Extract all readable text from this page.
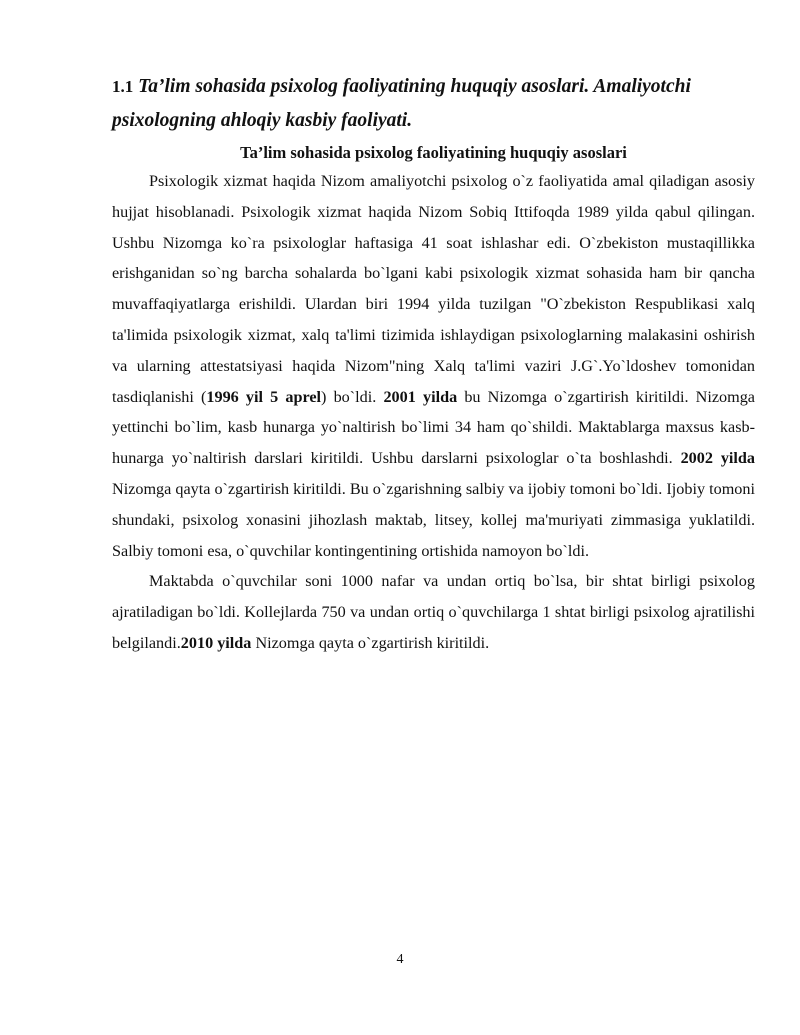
1.1 Ta’lim sohasida psixolog faoliyatining huquqiy asoslari. Amaliyotchi psixologning ahloqiy kasbiy faoliyati.
Ta’lim sohasida psixolog faoliyatining huquqiy asoslari

Psixologik xizmat haqida Nizom amaliyotchi psixolog o`z faoliyatida amal qiladigan asosiy hujjat hisoblanadi. Psixologik xizmat haqida Nizom Sobiq Ittifoqda 1989 yilda qabul qilingan. Ushbu Nizomga ko`ra psixologlar haftasiga 41 soat ishlashar edi. O`zbekiston mustaqillikka erishganidan so`ng barcha sohalarda bo`lgani kabi psixologik xizmat sohasida ham bir qancha muvaffaqiyatlarga erishildi. Ulardan biri 1994 yilda tuzilgan "O`zbekiston Respublikasi xalq ta'limida psixologik xizmat, xalq ta'limi tizimida ishlaydigan psixologlarning malakasini oshirish va ularning attestatsiyasi haqida Nizom"ning Xalq ta'limi vaziri J.G`.Yo`ldoshev tomonidan tasdiqlanishi (1996 yil 5 aprel) bo`ldi. 2001 yilda bu Nizomga o`zgartirish kiritildi. Nizomga yettinchi bo`lim, kasb hunarga yo`naltirish bo`limi 34 ham qo`shildi. Maktablarga maxsus kasb-hunarga yo`naltirish darslari kiritildi. Ushbu darslarni psixologlar o`ta boshlashdi. 2002 yilda Nizomga qayta o`zgartirish kiritildi. Bu o`zgarishning salbiy va ijobiy tomoni bo`ldi. Ijobiy tomoni shundaki, psixolog xonasini jihozlash maktab, litsey, kollej ma'muriyati zimmasiga yuklatildi. Salbiy tomoni esa, o`quvchilar kontingentining ortishida namoyon bo`ldi.

Maktabda o`quvchilar soni 1000 nafar va undan ortiq bo`lsa, bir shtat birligi psixolog ajratiladigan bo`ldi. Kollejlarda 750 va undan ortiq o`quvchilarga 1 shtat birligi psixolog ajratilishi belgilandi.2010 yilda Nizomga qayta o`zgartirish kiritildi.

4
